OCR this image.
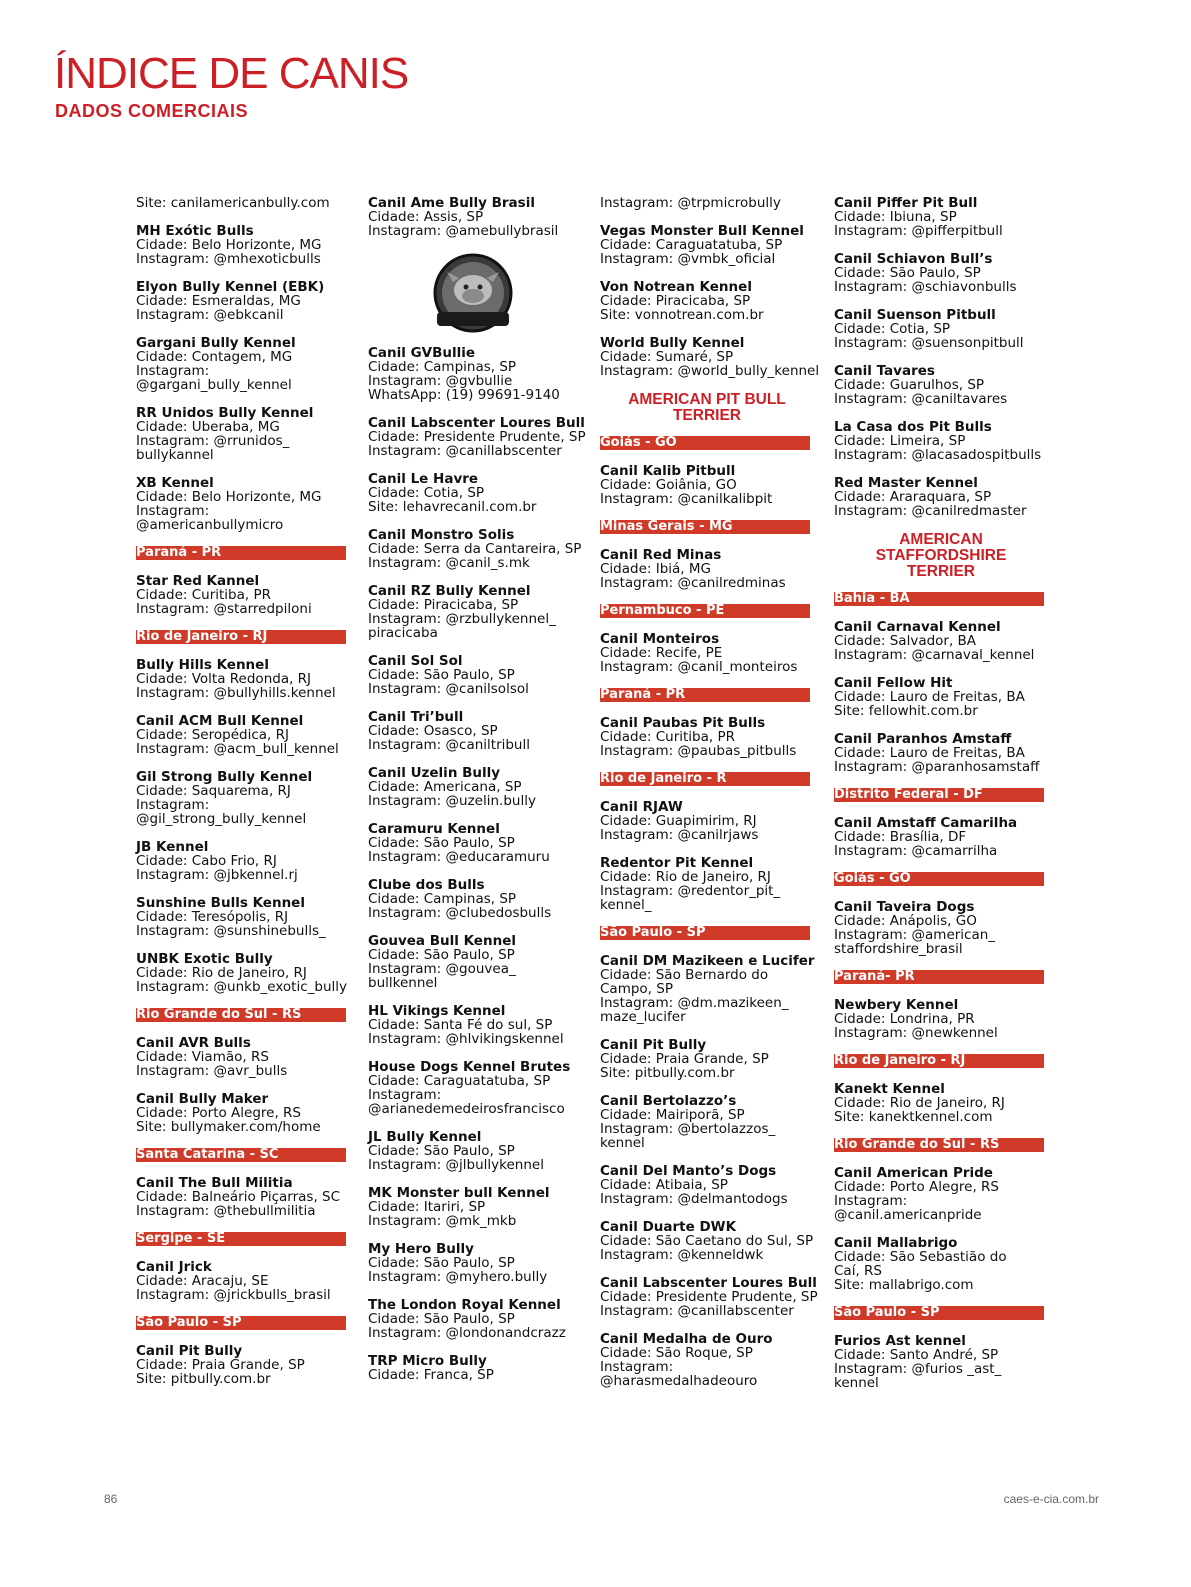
ÍNDICE DE CANIS
DADOS COMERCIAIS
Site: canilamericanbully.com
MH Exótic Bulls
Cidade: Belo Horizonte, MG
Instagram: @mhexoticbulls
Elyon Bully Kennel (EBK)
Cidade: Esmeraldas, MG
Instagram: @ebkcanil
Gargani Bully Kennel
Cidade: Contagem, MG
Instagram:
@gargani_bully_kennel
RR Unidos Bully Kennel
Cidade: Uberaba, MG
Instagram: @rrunidos_
bullykannel
XB Kennel
Cidade: Belo Horizonte, MG
Instagram:
@americanbullymicro
Paraná - PR
Star Red Kannel
Cidade: Curitiba, PR
Instagram: @starredpiloni
Rio de Janeiro - RJ
Bully Hills Kennel
Cidade: Volta Redonda, RJ
Instagram: @bullyhills.kennel
Canil ACM Bull Kennel
Cidade: Seropédica, RJ
Instagram: @acm_bull_kennel
Gil Strong Bully Kennel
Cidade: Saquarema, RJ
Instagram:
@gil_strong_bully_kennel
JB Kennel
Cidade: Cabo Frio, RJ
Instagram: @jbkennel.rj
Sunshine Bulls Kennel
Cidade: Teresópolis, RJ
Instagram: @sunshinebulls_
UNBK Exotic Bully
Cidade: Rio de Janeiro, RJ
Instagram: @unkb_exotic_bully
Rio Grande do Sul - RS
Canil AVR Bulls
Cidade: Viamão, RS
Instagram: @avr_bulls
Canil Bully Maker
Cidade: Porto Alegre, RS
Site: bullymaker.com/home
Santa Catarina - SC
Canil The Bull Militia
Cidade: Balneário Piçarras, SC
Instagram: @thebullmilitia
Sergipe - SE
Canil Jrick
Cidade: Aracaju, SE
Instagram: @jrickbulls_brasil
São Paulo - SP
Canil Pit Bully
Cidade: Praia Grande, SP
Site: pitbully.com.br
Canil Ame Bully Brasil
Cidade: Assis, SP
Instagram: @amebullybrasil
Canil GVBullie
Cidade: Campinas, SP
Instagram: @gvbullie
WhatsApp: (19) 99691-9140
Canil Labscenter Loures Bull
Cidade: Presidente Prudente, SP
Instagram: @canillabscenter
Canil Le Havre
Cidade: Cotia, SP
Site: lehavrecanil.com.br
Canil Monstro Solis
Cidade: Serra da Cantareira, SP
Instagram: @canil_s.mk
Canil RZ Bully Kennel
Cidade: Piracicaba, SP
Instagram: @rzbullykennel_
piracicaba
Canil Sol Sol
Cidade: São Paulo, SP
Instagram: @canilsolsol
Canil Tri’bull
Cidade: Osasco, SP
Instagram: @caniltribull
Canil Uzelin Bully
Cidade: Americana, SP
Instagram: @uzelin.bully
Caramuru Kennel
Cidade: São Paulo, SP
Instagram: @educaramuru
Clube dos Bulls
Cidade: Campinas, SP
Instagram: @clubedosbulls
Gouvea Bull Kennel
Cidade: São Paulo, SP
Instagram: @gouvea_
bullkennel
HL Vikings Kennel
Cidade: Santa Fé do sul, SP
Instagram: @hlvikingskennel
House Dogs Kennel Brutes
Cidade: Caraguatatuba, SP
Instagram:
@arianedemedeirosfrancisco
JL Bully Kennel
Cidade: São Paulo, SP
Instagram: @jlbullykennel
MK Monster bull Kennel
Cidade: Itariri, SP
Instagram: @mk_mkb
My Hero Bully
Cidade: São Paulo, SP
Instagram: @myhero.bully
The London Royal Kennel
Cidade: São Paulo, SP
Instagram: @londonandcrazz
TRP Micro Bully
Cidade: Franca, SP
Instagram: @trpmicrobully
Vegas Monster Bull Kennel
Cidade: Caraguatatuba, SP
Instagram: @vmbk_oficial
Von Notrean Kennel
Cidade: Piracicaba, SP
Site: vonnotrean.com.br
World Bully Kennel
Cidade: Sumaré, SP
Instagram: @world_bully_kennel
AMERICAN PIT BULL
TERRIER
Goiás - GO
Canil Kalib Pitbull
Cidade: Goiânia, GO
Instagram: @canilkalibpit
Minas Gerais - MG
Canil Red Minas
Cidade: Ibiá, MG
Instagram: @canilredminas
Pernambuco - PE
Canil Monteiros
Cidade: Recife, PE
Instagram: @canil_monteiros
Paraná - PR
Canil Paubas Pit Bulls
Cidade: Curitiba, PR
Instagram: @paubas_pitbulls
Rio de Janeiro - R
Canil RJAW
Cidade: Guapimirim, RJ
Instagram: @canilrjaws
Redentor Pit Kennel
Cidade: Rio de Janeiro, RJ
Instagram: @redentor_pit_
kennel_
São Paulo - SP
Canil DM Mazikeen e Lucifer
Cidade: São Bernardo do
Campo, SP
Instagram: @dm.mazikeen_
maze_lucifer
Canil Pit Bully
Cidade: Praia Grande, SP
Site: pitbully.com.br
Canil Bertolazzo’s
Cidade: Mairiporã, SP
Instagram: @bertolazzos_
kennel
Canil Del Manto’s Dogs
Cidade: Atibaia, SP
Instagram: @delmantodogs
Canil Duarte DWK
Cidade: São Caetano do Sul, SP
Instagram: @kenneldwk
Canil Labscenter Loures Bull
Cidade: Presidente Prudente, SP
Instagram: @canillabscenter
Canil Medalha de Ouro
Cidade: São Roque, SP
Instagram:
@harasmedalhadeouro
Canil Piffer Pit Bull
Cidade: Ibiuna, SP
Instagram: @pifferpitbull
Canil Schiavon Bull’s
Cidade: São Paulo, SP
Instagram: @schiavonbulls
Canil Suenson Pitbull
Cidade: Cotia, SP
Instagram: @suensonpitbull
Canil Tavares
Cidade: Guarulhos, SP
Instagram: @caniltavares
La Casa dos Pit Bulls
Cidade: Limeira, SP
Instagram: @lacasadospitbulls
Red Master Kennel
Cidade: Araraquara, SP
Instagram: @canilredmaster
AMERICAN
STAFFORDSHIRE
TERRIER
Bahia - BA
Canil Carnaval Kennel
Cidade: Salvador, BA
Instagram: @carnaval_kennel
Canil Fellow Hit
Cidade: Lauro de Freitas, BA
Site: fellowhit.com.br
Canil Paranhos Amstaff
Cidade: Lauro de Freitas, BA
Instagram: @paranhosamstaff
Distrito Federal - DF
Canil Amstaff Camarilha
Cidade: Brasília, DF
Instagram: @camarrilha
Goiás - GO
Canil Taveira Dogs
Cidade: Anápolis, GO
Instagram: @american_
staffordshire_brasil
Paraná- PR
Newbery Kennel
Cidade: Londrina, PR
Instagram: @newkennel
Rio de Janeiro - RJ
Kanekt Kennel
Cidade: Rio de Janeiro, RJ
Site: kanektkennel.com
Rio Grande do Sul - RS
Canil American Pride
Cidade: Porto Alegre, RS
Instagram:
@canil.americanpride
Canil Mallabrigo
Cidade: São Sebastião do
Caí, RS
Site: mallabrigo.com
São Paulo - SP
Furios Ast kennel
Cidade: Santo André, SP
Instagram: @furios _ast_
kennel
86	caes-e-cia.com.br
